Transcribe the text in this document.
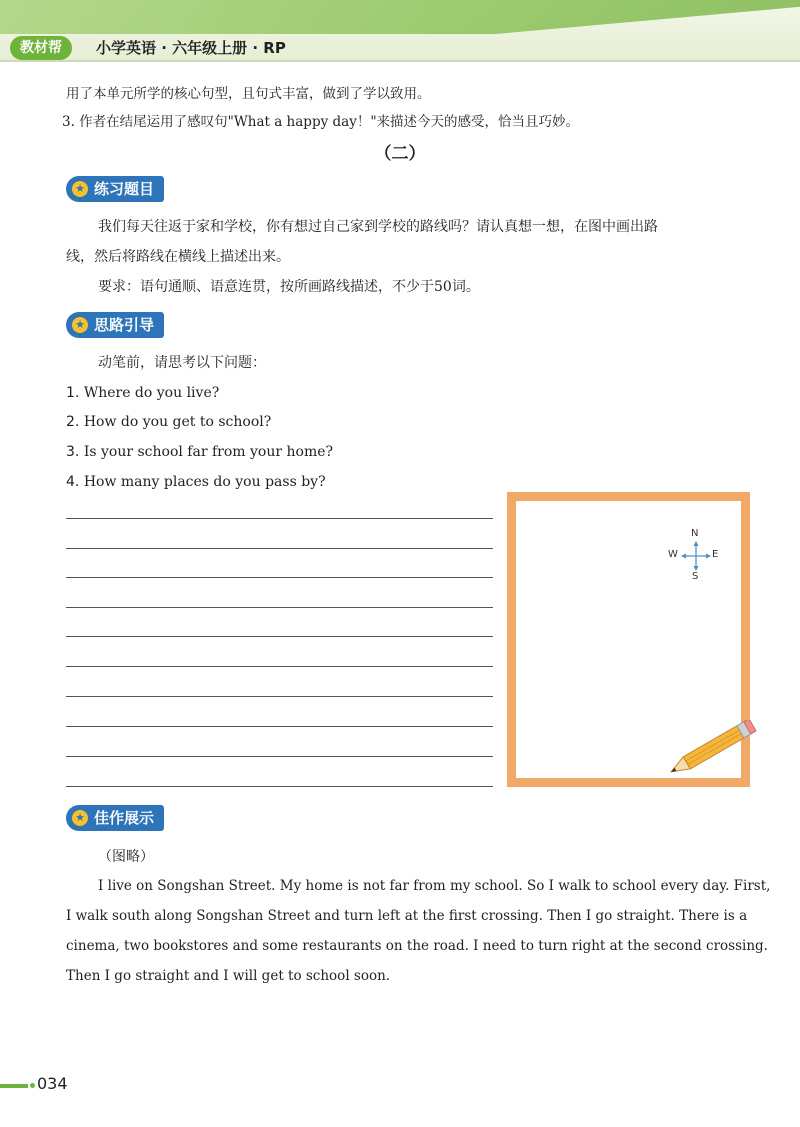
教材帮	小学英语 · 六年级上册 · RP
用了本单元所学的核心句型，且句式丰富，做到了学以致用。
3. 作者在结尾运用了感叹句"What a happy day！"来描述今天的感受，恰当且巧妙。
（二）
★ 练习题目
我们每天往返于家和学校，你有想过自己家到学校的路线吗？请认真想一想，在图中画出路
线，然后将路线在横线上描述出来。
要求：语句通顺、语意连贯，按所画路线描述，不少于50词。
★ 思路引导
动笔前，请思考以下问题：
1. Where do you live?
2. How do you get to school?
3. Is your school far from your home?
4. How many places do you pass by?
N
W	E
S
★ 佳作展示
（图略）
I live on Songshan Street. My home is not far from my school. So I walk to school every day. First,
I walk south along Songshan Street and turn left at the first crossing. Then I go straight. There is a
cinema, two bookstores and some restaurants on the road. I need to turn right at the second crossing.
Then I go straight and I will get to school soon.
034
